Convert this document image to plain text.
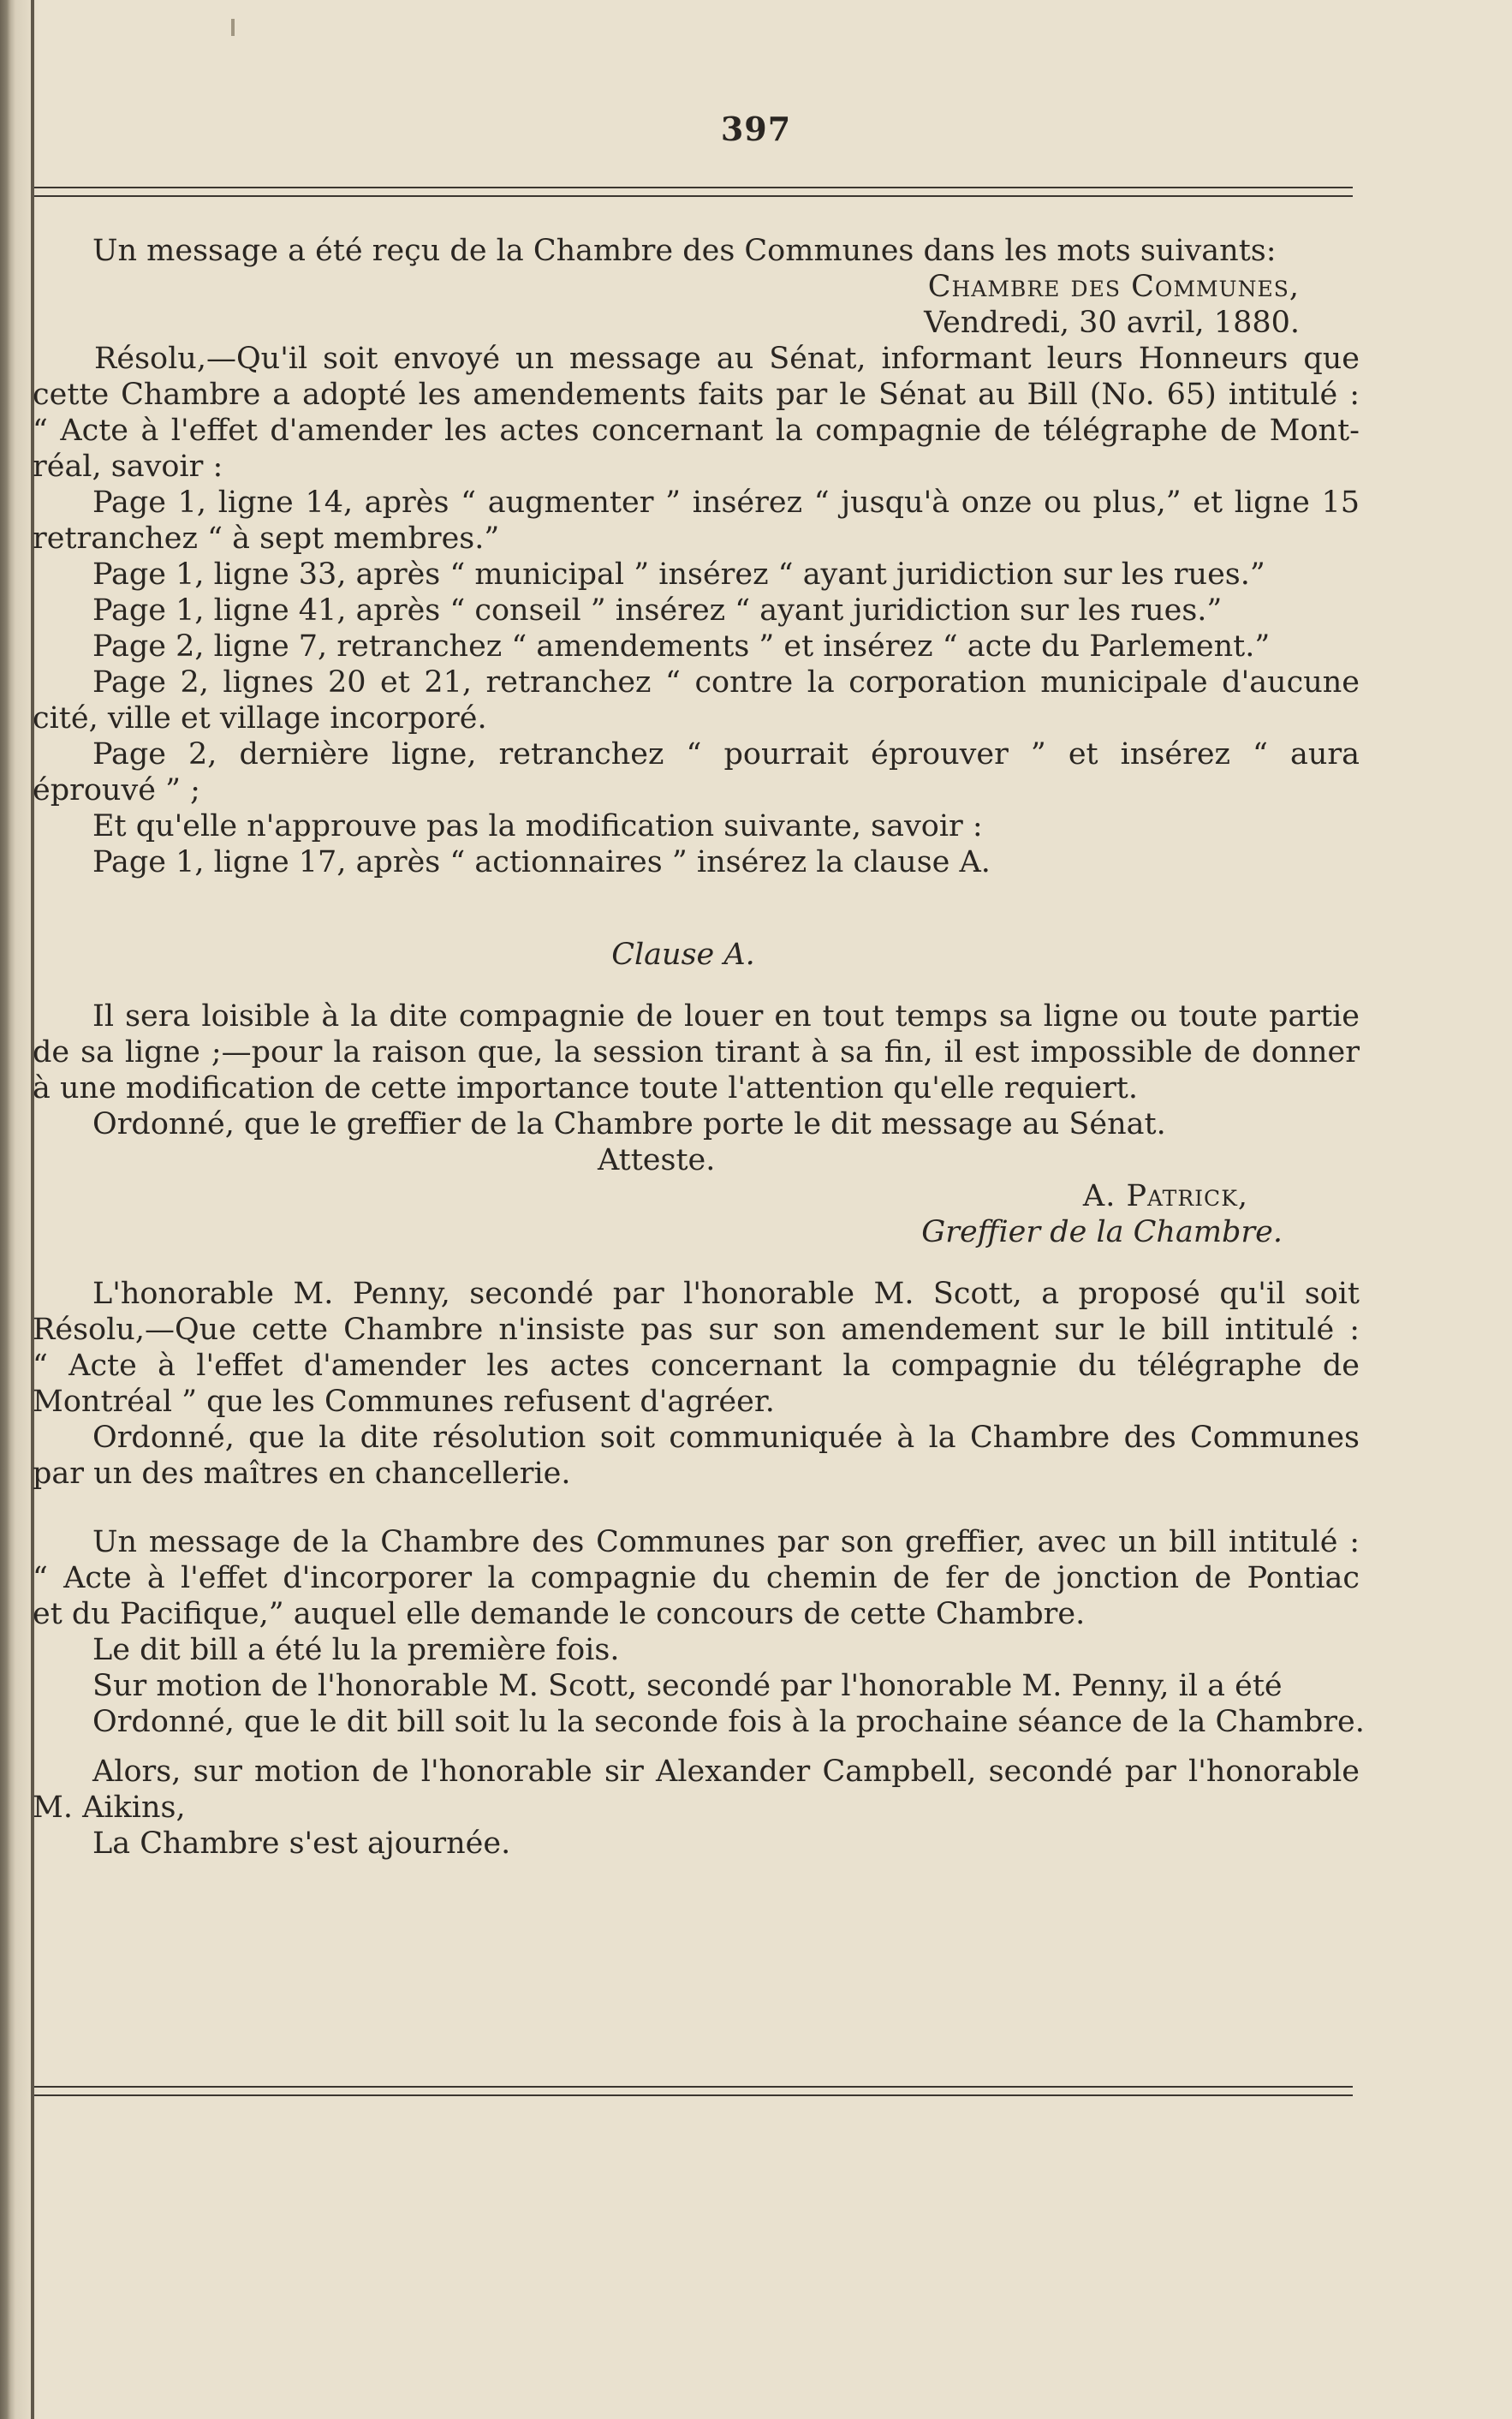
397
Un message a été reçu de la Chambre des Communes dans les mots suivants:
Chambre des Communes,
Vendredi, 30 avril, 1880.
Résolu,—Qu'il soit envoyé un message au Sénat, informant leurs Honneurs que
cette Chambre a adopté les amendements faits par le Sénat au Bill (No. 65) intitulé :
“ Acte à l'effet d'amender les actes concernant la compagnie de télégraphe de Mont-
réal, savoir :
Page 1, ligne 14, après “ augmenter ” insérez “ jusqu'à onze ou plus,” et ligne 15
retranchez “ à sept membres.”
Page 1, ligne 33, après “ municipal ” insérez “ ayant juridiction sur les rues.”
Page 1, ligne 41, après “ conseil ” insérez “ ayant juridiction sur les rues.”
Page 2, ligne 7, retranchez “ amendements ” et insérez “ acte du Parlement.”
Page 2, lignes 20 et 21, retranchez “ contre la corporation municipale d'aucune
cité, ville et village incorporé.
Page 2, dernière ligne, retranchez “ pourrait éprouver ” et insérez “ aura
éprouvé ” ;
Et qu'elle n'approuve pas la modification suivante, savoir :
Page 1, ligne 17, après “ actionnaires ” insérez la clause A.
Clause A.
Il sera loisible à la dite compagnie de louer en tout temps sa ligne ou toute partie
de sa ligne ;—pour la raison que, la session tirant à sa fin, il est impossible de donner
à une modification de cette importance toute l'attention qu'elle requiert.
Ordonné, que le greffier de la Chambre porte le dit message au Sénat.
Atteste.
A. Patrick,
Greffier de la Chambre.
L'honorable M. Penny, secondé par l'honorable M. Scott, a proposé qu'il soit
Résolu,—Que cette Chambre n'insiste pas sur son amendement sur le bill intitulé :
“ Acte à l'effet d'amender les actes concernant la compagnie du télégraphe de
Montréal ” que les Communes refusent d'agréer.
Ordonné, que la dite résolution soit communiquée à la Chambre des Communes
par un des maîtres en chancellerie.
Un message de la Chambre des Communes par son greffier, avec un bill intitulé :
“ Acte à l'effet d'incorporer la compagnie du chemin de fer de jonction de Pontiac
et du Pacifique,” auquel elle demande le concours de cette Chambre.
Le dit bill a été lu la première fois.
Sur motion de l'honorable M. Scott, secondé par l'honorable M. Penny, il a été
Ordonné, que le dit bill soit lu la seconde fois à la prochaine séance de la Chambre.
Alors, sur motion de l'honorable sir Alexander Campbell, secondé par l'honorable
M. Aikins,
La Chambre s'est ajournée.
